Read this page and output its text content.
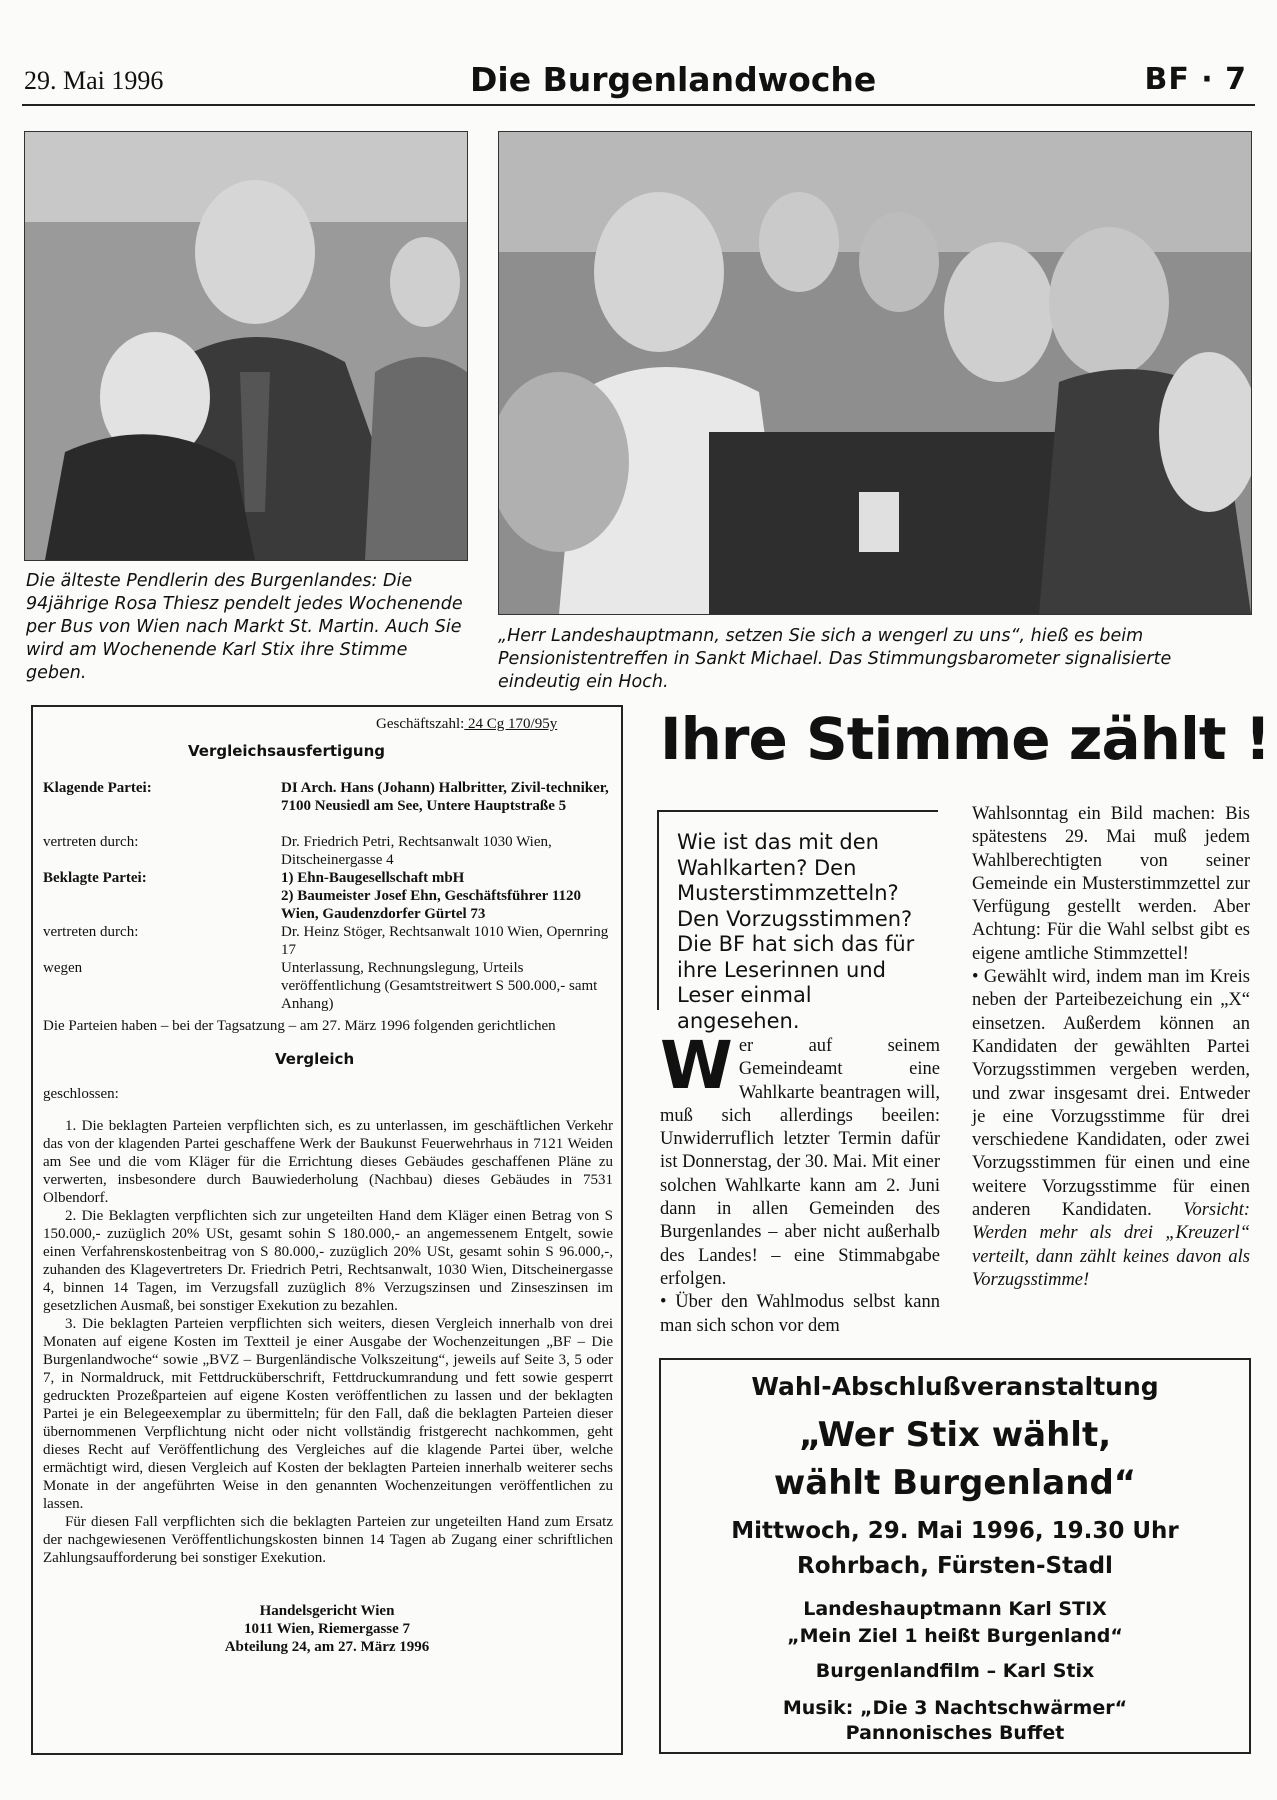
29. Mai 1996	Die Burgenlandwoche	BF · 7
Die älteste Pendlerin des Burgenlandes: Die 94jährige Rosa Thiesz pendelt jedes Wochenende per Bus von Wien nach Markt St. Martin. Auch Sie wird am Wochenende Karl Stix ihre Stimme geben.
„Herr Landeshauptmann, setzen Sie sich a wengerl zu uns“, hieß es beim Pensionistentreffen in Sankt Michael. Das Stimmungsbarometer signalisierte eindeutig ein Hoch.
Geschäftszahl: 24 Cg 170/95y
Vergleichsausfertigung
Klagende Partei:	DI Arch. Hans (Johann) Halbritter, Zivil-techniker, 7100 Neusiedl am See, Untere Hauptstraße 5
vertreten durch:	Dr. Friedrich Petri, Rechtsanwalt 1030 Wien, Ditscheinergasse 4
Beklagte Partei:	1) Ehn-Baugesellschaft mbH
2) Baumeister Josef Ehn, Geschäftsführer 1120 Wien, Gaudenzdorfer Gürtel 73
vertreten durch:	Dr. Heinz Stöger, Rechtsanwalt 1010 Wien, Opernring 17
wegen	Unterlassung, Rechnungslegung, Urteils veröffentlichung (Gesamtstreitwert S 500.000,- samt Anhang)
Die Parteien haben – bei der Tagsatzung – am 27. März 1996 folgenden gerichtlichen
Vergleich
geschlossen:

1. Die beklagten Parteien verpflichten sich, es zu unterlassen, im geschäftlichen Verkehr das von der klagenden Partei geschaffene Werk der Baukunst Feuerwehrhaus in 7121 Weiden am See und die vom Kläger für die Errichtung dieses Gebäudes geschaffenen Pläne zu verwerten, insbesondere durch Bauwiederholung (Nachbau) dieses Gebäudes in 7531 Olbendorf.

2. Die Beklagten verpflichten sich zur ungeteilten Hand dem Kläger einen Betrag von S 150.000,- zuzüglich 20% USt, gesamt sohin S 180.000,- an angemessenem Entgelt, sowie einen Verfahrenskostenbeitrag von S 80.000,- zuzüglich 20% USt, gesamt sohin S 96.000,-, zuhanden des Klagevertreters Dr. Friedrich Petri, Rechtsanwalt, 1030 Wien, Ditscheinergasse 4, binnen 14 Tagen, im Verzugsfall zuzüglich 8% Verzugszinsen und Zinseszinsen im gesetzlichen Ausmaß, bei sonstiger Exekution zu bezahlen.

3. Die beklagten Parteien verpflichten sich weiters, diesen Vergleich innerhalb von drei Monaten auf eigene Kosten im Textteil je einer Ausgabe der Wochenzeitungen „BF – Die Burgenlandwoche“ sowie „BVZ – Burgenländische Volkszeitung“, jeweils auf Seite 3, 5 oder 7, in Normaldruck, mit Fettdrucküberschrift, Fettdruckumrandung und fett sowie gesperrt gedruckten Prozeßparteien auf eigene Kosten veröffentlichen zu lassen und der beklagten Partei je ein Belegeexemplar zu übermitteln; für den Fall, daß die beklagten Parteien dieser übernommenen Verpflichtung nicht oder nicht vollständig fristgerecht nachkommen, geht dieses Recht auf Veröffentlichung des Vergleiches auf die klagende Partei über, welche ermächtigt wird, diesen Vergleich auf Kosten der beklagten Parteien innerhalb weiterer sechs Monate in der angeführten Weise in den genannten Wochenzeitungen veröffentlichen zu lassen.

Für diesen Fall verpflichten sich die beklagten Parteien zur ungeteilten Hand zum Ersatz der nachgewiesenen Veröffentlichungskosten binnen 14 Tagen ab Zugang einer schriftlichen Zahlungsaufforderung bei sonstiger Exekution.

Handelsgericht Wien
1011 Wien, Riemergasse 7
Abteilung 24, am 27. März 1996
Ihre Stimme zählt !
Wie ist das mit den Wahlkarten? Den Musterstimmzetteln? Den Vorzugsstimmen? Die BF hat sich das für ihre Leserinnen und Leser einmal angesehen.
Wer auf seinem Gemeindeamt eine Wahlkarte beantragen will, muß sich allerdings beeilen: Unwiderruflich letzter Termin dafür ist Donnerstag, der 30. Mai. Mit einer solchen Wahlkarte kann am 2. Juni dann in allen Gemeinden des Burgenlandes – aber nicht außerhalb des Landes! – eine Stimmabgabe erfolgen.
• Über den Wahlmodus selbst kann man sich schon vor dem

Wahlsonntag ein Bild machen: Bis spätestens 29. Mai muß jedem Wahlberechtigten von seiner Gemeinde ein Musterstimmzettel zur Verfügung gestellt werden. Aber Achtung: Für die Wahl selbst gibt es eigene amtliche Stimmzettel!

• Gewählt wird, indem man im Kreis neben der Parteibezeichung ein „X“ einsetzen. Außerdem können an Kandidaten der gewählten Partei Vorzugsstimmen vergeben werden, und zwar insgesamt drei. Entweder je eine Vorzugsstimme für drei verschiedene Kandidaten, oder zwei Vorzugsstimmen für einen und eine weitere Vorzugsstimme für einen anderen Kandidaten. Vorsicht: Werden mehr als drei „Kreuzerl“ verteilt, dann zählt keines davon als Vorzugsstimme!

Wahl-Abschlußveranstaltung
„Wer Stix wählt,
wählt Burgenland“
Mittwoch, 29. Mai 1996, 19.30 Uhr
Rohrbach, Fürsten-Stadl
Landeshauptmann Karl STIX
„Mein Ziel 1 heißt Burgenland“
Burgenlandfilm – Karl Stix
Musik: „Die 3 Nachtschwärmer“
Pannonisches Buffet
